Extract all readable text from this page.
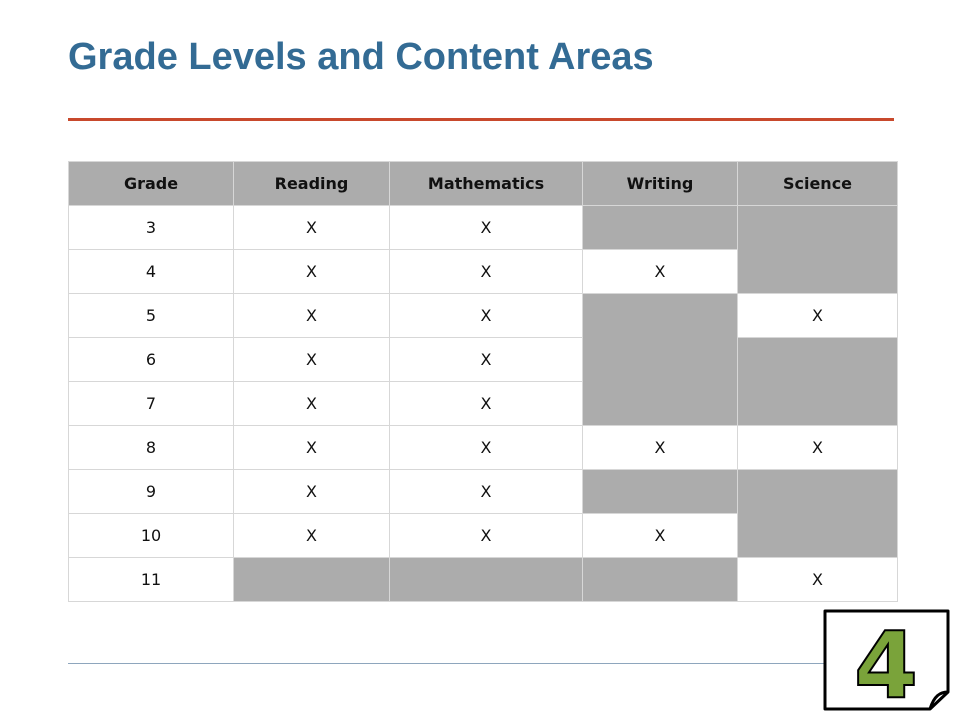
Grade Levels and Content Areas
Grade	Reading	Mathematics	Writing	Science
3	X	X		
4	X	X	X	
5	X	X		X
6	X	X		
7	X	X		
8	X	X	X	X
9	X	X		
10	X	X	X	
11				X
4
